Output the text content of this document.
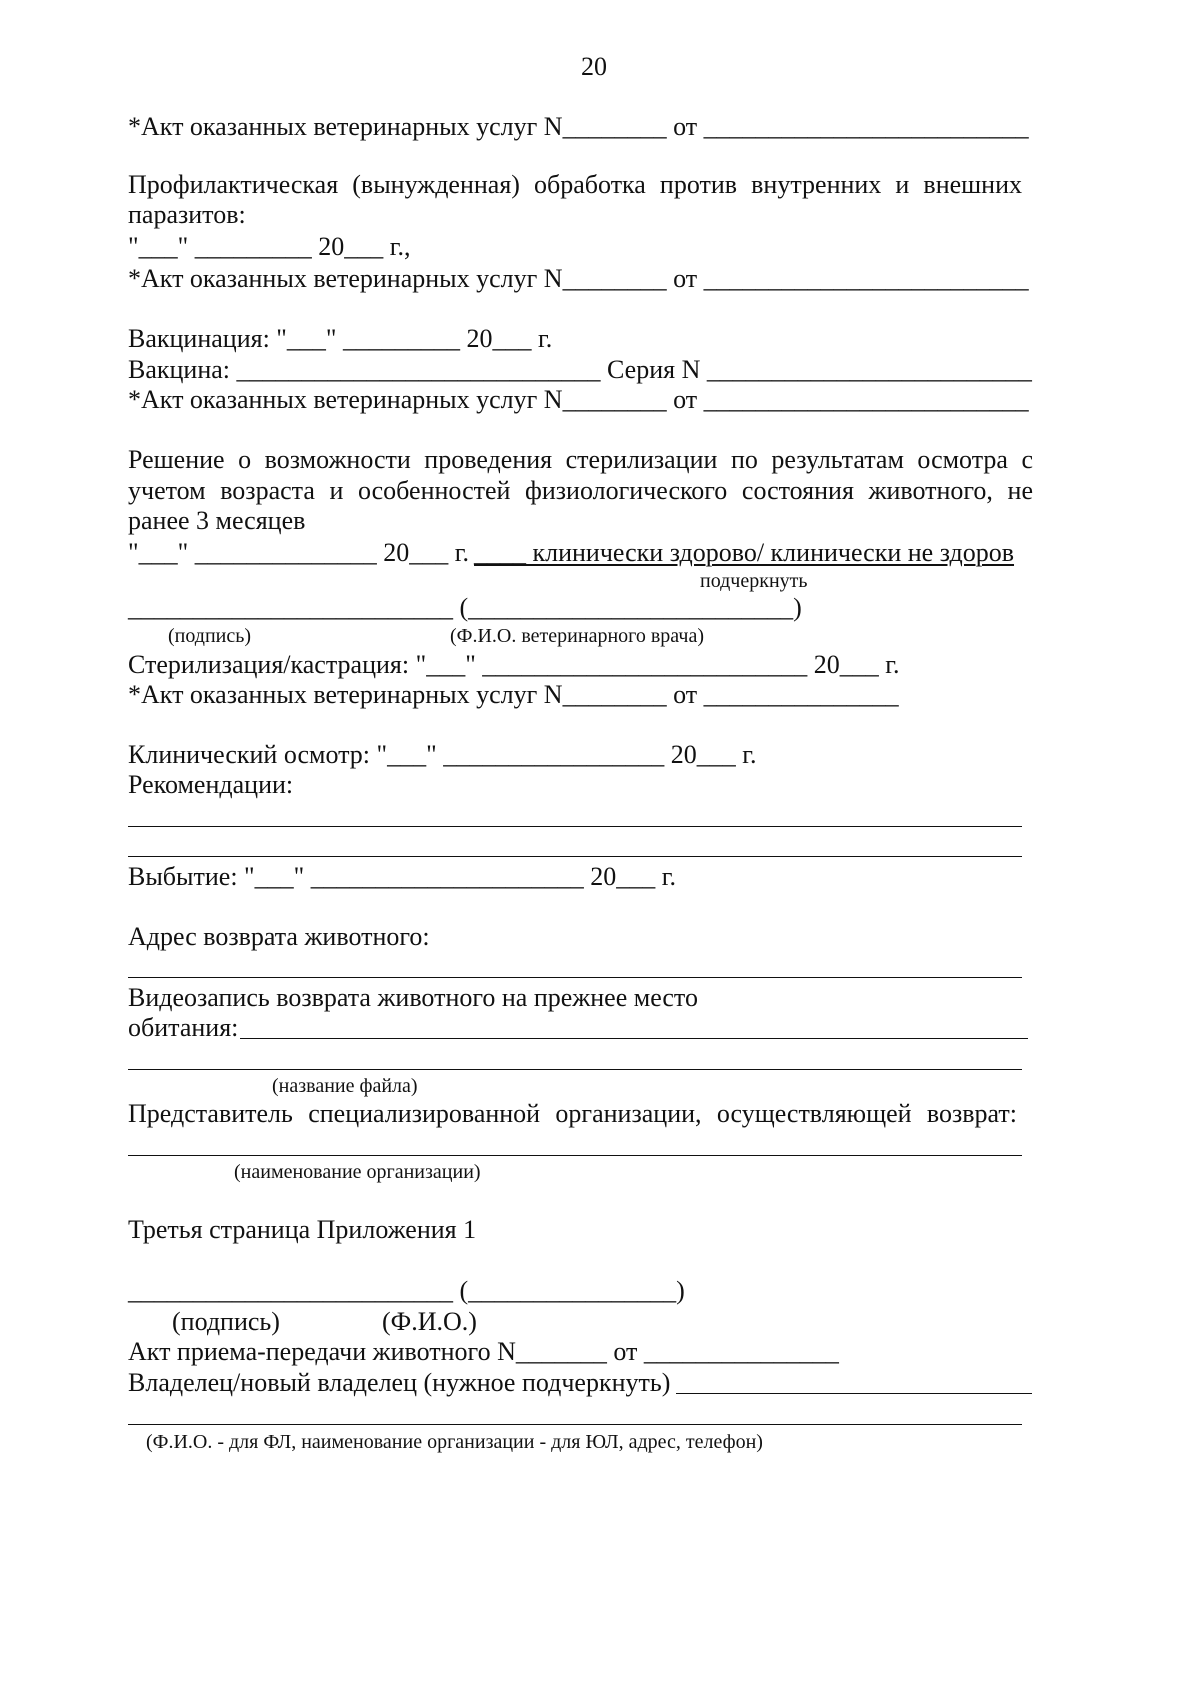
20
*Акт оказанных ветеринарных услуг N________ от _________________________
Профилактическая (вынужденная) обработка против внутренних и внешних
паразитов:
"___" _________ 20___ г.,
*Акт оказанных ветеринарных услуг N________ от _________________________
Вакцинация: "___" _________ 20___ г.
Вакцина: ____________________________ Серия N _________________________
*Акт оказанных ветеринарных услуг N________ от _________________________
Решение о возможности проведения стерилизации по результатам осмотра с
учетом возраста и особенностей физиологического состояния животного, не
ранее 3 месяцев
"___" ______________ 20___ г. ____ клинически здорово/ клинически не здоров
подчеркнуть
_________________________ (_________________________)
(подпись)	(Ф.И.О. ветеринарного врача)
Стерилизация/кастрация: "___" _________________________ 20___ г.
*Акт оказанных ветеринарных услуг N________ от _______________
Клинический осмотр: "___" _________________ 20___ г.
Рекомендации:
Выбытие: "___" _____________________ 20___ г.
Адрес возврата животного:
Видеозапись возврата животного на прежнее место
обитания:
(название файла)
Представитель специализированной организации, осуществляющей возврат:
(наименование организации)
Третья страница Приложения 1
_________________________ (________________)
(подпись)	(Ф.И.О.)
Акт приема-передачи животного N_______ от _______________
Владелец/новый владелец (нужное подчеркнуть)
(Ф.И.О. - для ФЛ, наименование организации - для ЮЛ, адрес, телефон)
